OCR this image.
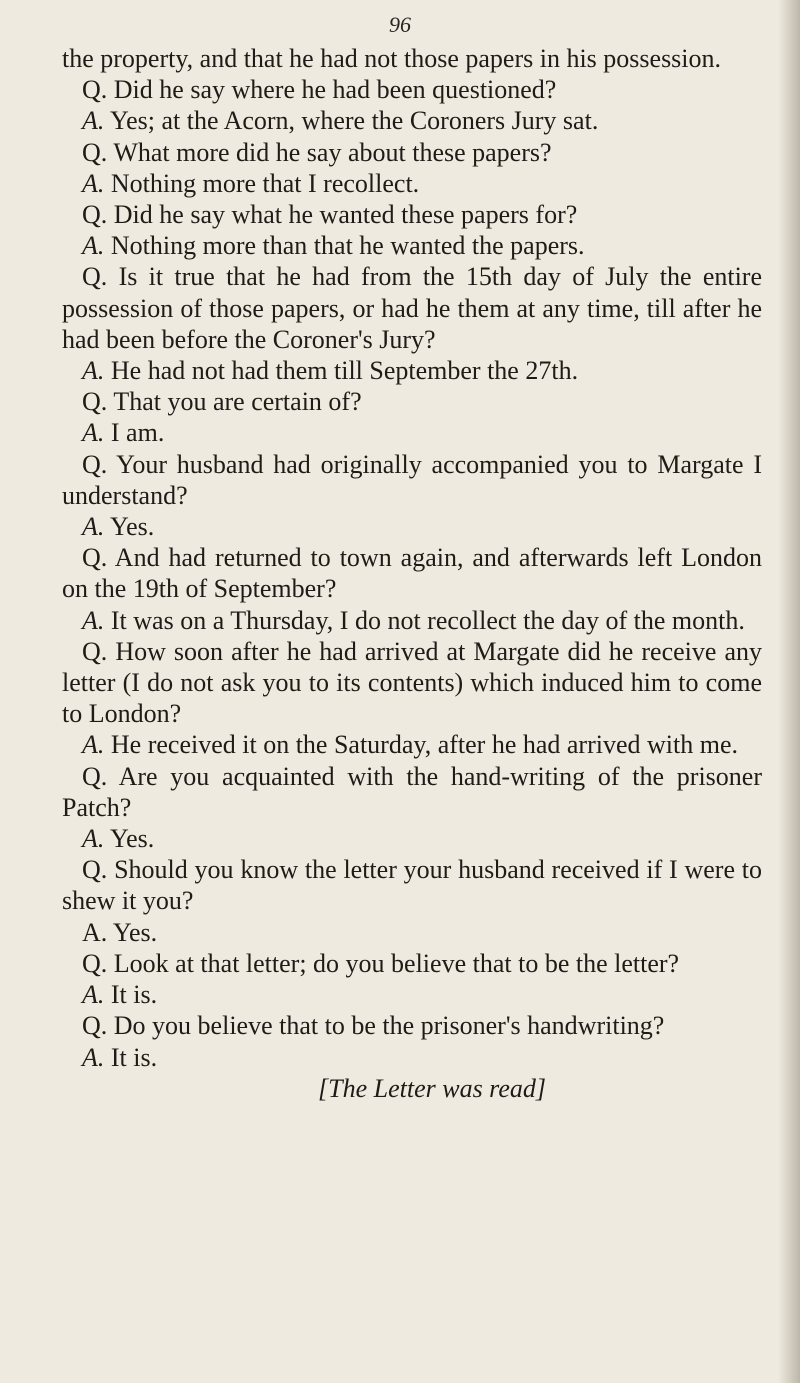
96

the property, and that he had not those papers in his possession.

Q. Did he say where he had been questioned?

A. Yes; at the Acorn, where the Coroners Jury sat.

Q. What more did he say about these papers?

A. Nothing more that I recollect.

Q. Did he say what he wanted these papers for?

A. Nothing more than that he wanted the papers.

Q. Is it true that he had from the 15th day of July the entire possession of those papers, or had he them at any time, till after he had been before the Coroner's Jury?

A. He had not had them till September the 27th.

Q. That you are certain of?

A. I am.

Q. Your husband had originally accompanied you to Margate I understand?

A. Yes.

Q. And had returned to town again, and afterwards left London on the 19th of September?

A. It was on a Thursday, I do not recollect the day of the month.

Q. How soon after he had arrived at Margate did he receive any letter (I do not ask you to its contents) which induced him to come to London?

A. He received it on the Saturday, after he had arrived with me.

Q. Are you acquainted with the hand-writing of the prisoner Patch?

A. Yes.

Q. Should you know the letter your husband received if I were to shew it you?

A. Yes.

Q. Look at that letter; do you believe that to be the letter?

A. It is.

Q. Do you believe that to be the prisoner's handwriting?

A. It is.

[The Letter was read]
